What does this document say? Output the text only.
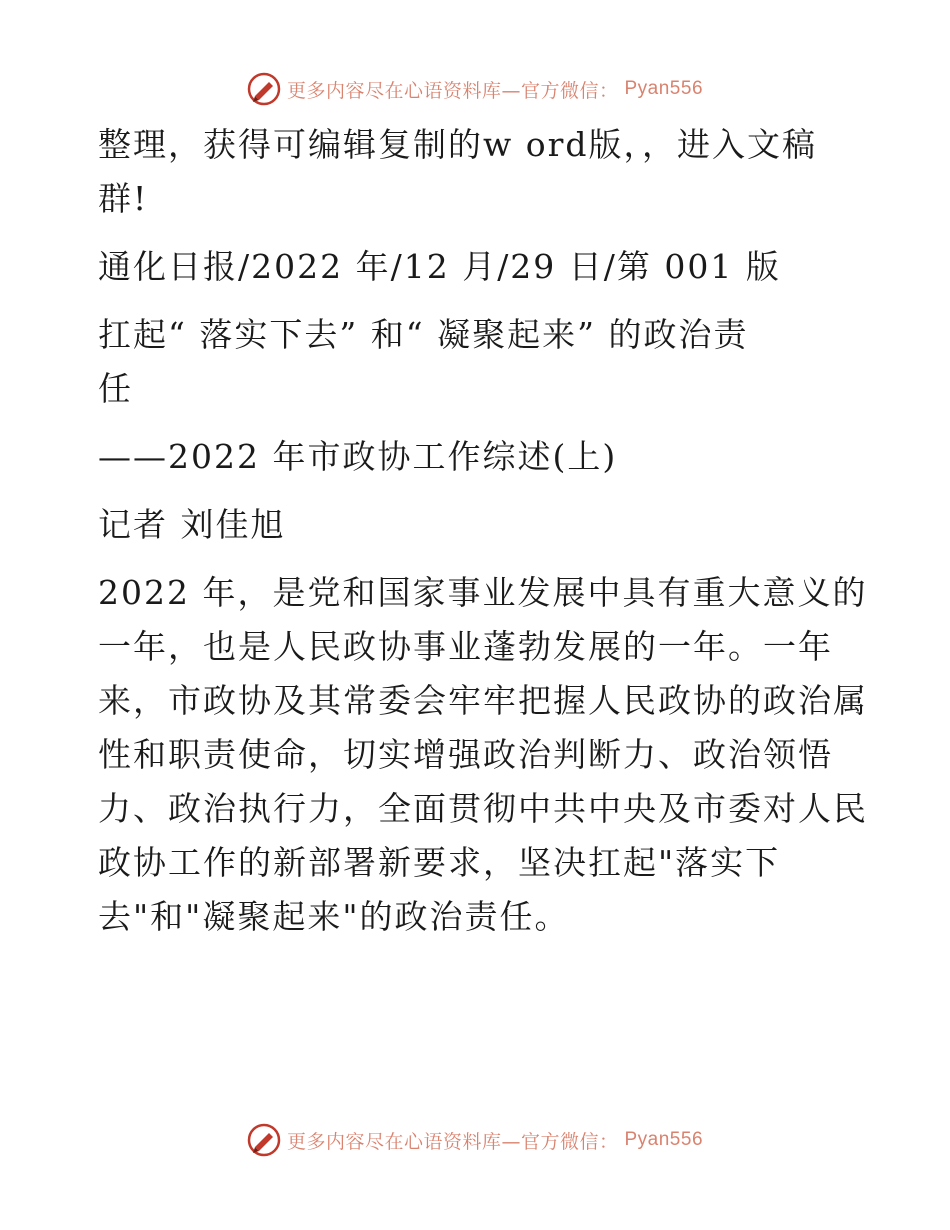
更多内容尽在心语资料库—官方微信： Pyan556
整理，获得可编辑复制的w ord版，，进入文稿
群!
通化日报/2022 年/12 月/29 日/第 001 版
扛起“ 落实下去” 和“ 凝聚起来” 的政治责
任
——2022 年市政协工作综述(上)
记者 刘佳旭
2022 年，是党和国家事业发展中具有重大意义的
一年，也是人民政协事业蓬勃发展的一年。一年
来，市政协及其常委会牢牢把握人民政协的政治属
性和职责使命，切实增强政治判断力、政治领悟
力、政治执行力，全面贯彻中共中央及市委对人民
政协工作的新部署新要求，坚决扛起"落实下
去"和"凝聚起来"的政治责任。
更多内容尽在心语资料库—官方微信： Pyan556
